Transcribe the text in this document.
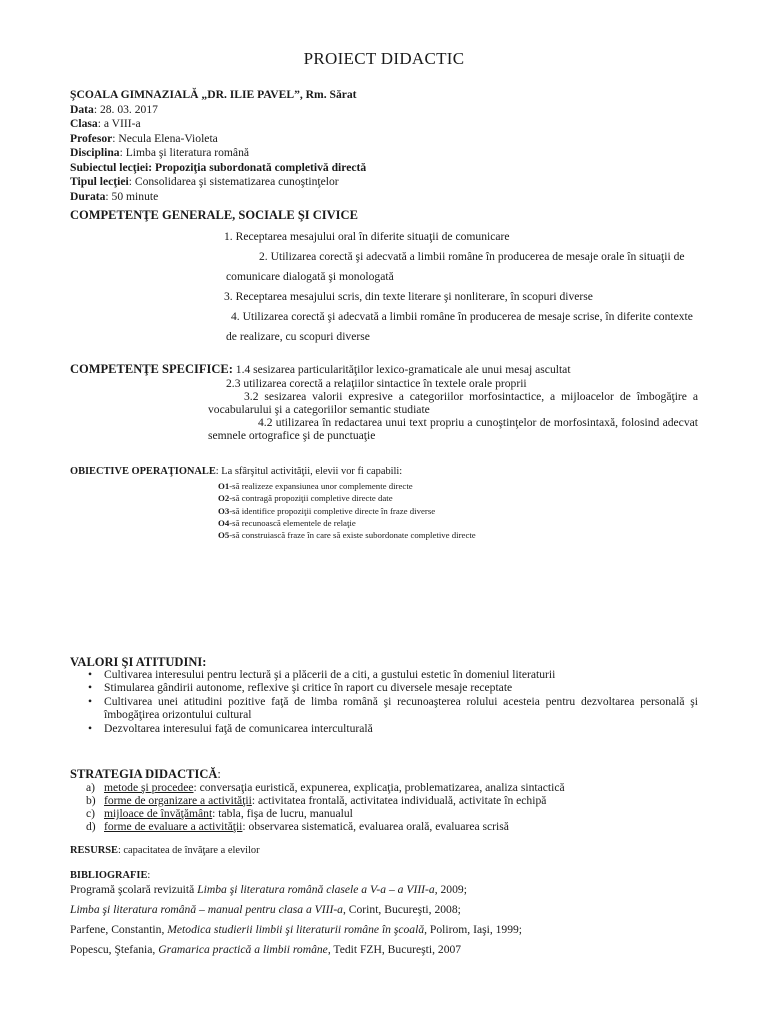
PROIECT DIDACTIC
ŞCOALA GIMNAZIALĂ „DR. ILIE PAVEL”, Rm. Sărat
Data: 28. 03. 2017
Clasa: a VIII-a
Profesor: Necula Elena-Violeta
Disciplina: Limba şi literatura română
Subiectul lecţiei: Propoziţia subordonată completivă directă
Tipul lecţiei: Consolidarea şi sistematizarea cunoştinţelor
Durata: 50 minute
COMPETENŢE GENERALE, SOCIALE ŞI CIVICE
1. Receptarea mesajului oral în diferite situaţii de comunicare
2. Utilizarea corectă şi adecvată a limbii române în producerea de mesaje orale în situaţii de
comunicare dialogată şi monologată
3. Receptarea mesajului scris, din texte literare şi nonliterare, în scopuri diverse
4. Utilizarea corectă şi adecvată a limbii române în producerea de mesaje scrise, în diferite contexte
de realizare, cu scopuri diverse
COMPETENŢE SPECIFICE: 1.4 sesizarea particularităţilor lexico-gramaticale ale unui mesaj ascultat
2.3 utilizarea corectă a relaţiilor sintactice în textele orale proprii
3.2 sesizarea valorii expresive a categoriilor morfosintactice, a mijloacelor de îmbogăţire a vocabularului şi a categoriilor semantic studiate
4.2 utilizarea în redactarea unui text propriu a cunoştinţelor de morfosintaxă, folosind adecvat semnele ortografice şi de punctuaţie
OBIECTIVE OPERAŢIONALE: La sfârşitul activităţii, elevii vor fi capabili:
O1-să realizeze expansiunea unor complemente directe
O2-să contragă propoziţii completive directe date
O3-să identifice propoziţii completive directe în fraze diverse
O4-să recunoască elementele de relaţie
O5-să construiască fraze în care să existe subordonate completive directe
VALORI ŞI ATITUDINI:
• Cultivarea interesului pentru lectură şi a plăcerii de a citi, a gustului estetic în domeniul literaturii
• Stimularea gândirii autonome, reflexive şi critice în raport cu diversele mesaje receptate
• Cultivarea unei atitudini pozitive faţă de limba română şi recunoaşterea rolului acesteia pentru dezvoltarea personală şi îmbogăţirea orizontului cultural
• Dezvoltarea interesului faţă de comunicarea interculturală
STRATEGIA DIDACTICĂ:
a) metode şi procedee: conversaţia euristică, expunerea, explicaţia, problematizarea, analiza sintactică
b) forme de organizare a activităţii: activitatea frontală, activitatea individuală, activitate în echipă
c) mijloace de învăţământ: tabla, fişa de lucru, manualul
d) forme de evaluare a activităţii: observarea sistematică, evaluarea orală, evaluarea scrisă
RESURSE: capacitatea de învăţare a elevilor
BIBLIOGRAFIE:
Programă şcolară revizuită Limba şi literatura română clasele a V-a – a VIII-a, 2009;
Limba şi literatura română – manual pentru clasa a VIII-a, Corint, Bucureşti, 2008;
Parfene, Constantin, Metodica studierii limbii şi literaturii române în şcoală, Polirom, Iaşi, 1999;
Popescu, Ştefania, Gramarica practică a limbii române, Tedit FZH, Bucureşti, 2007
